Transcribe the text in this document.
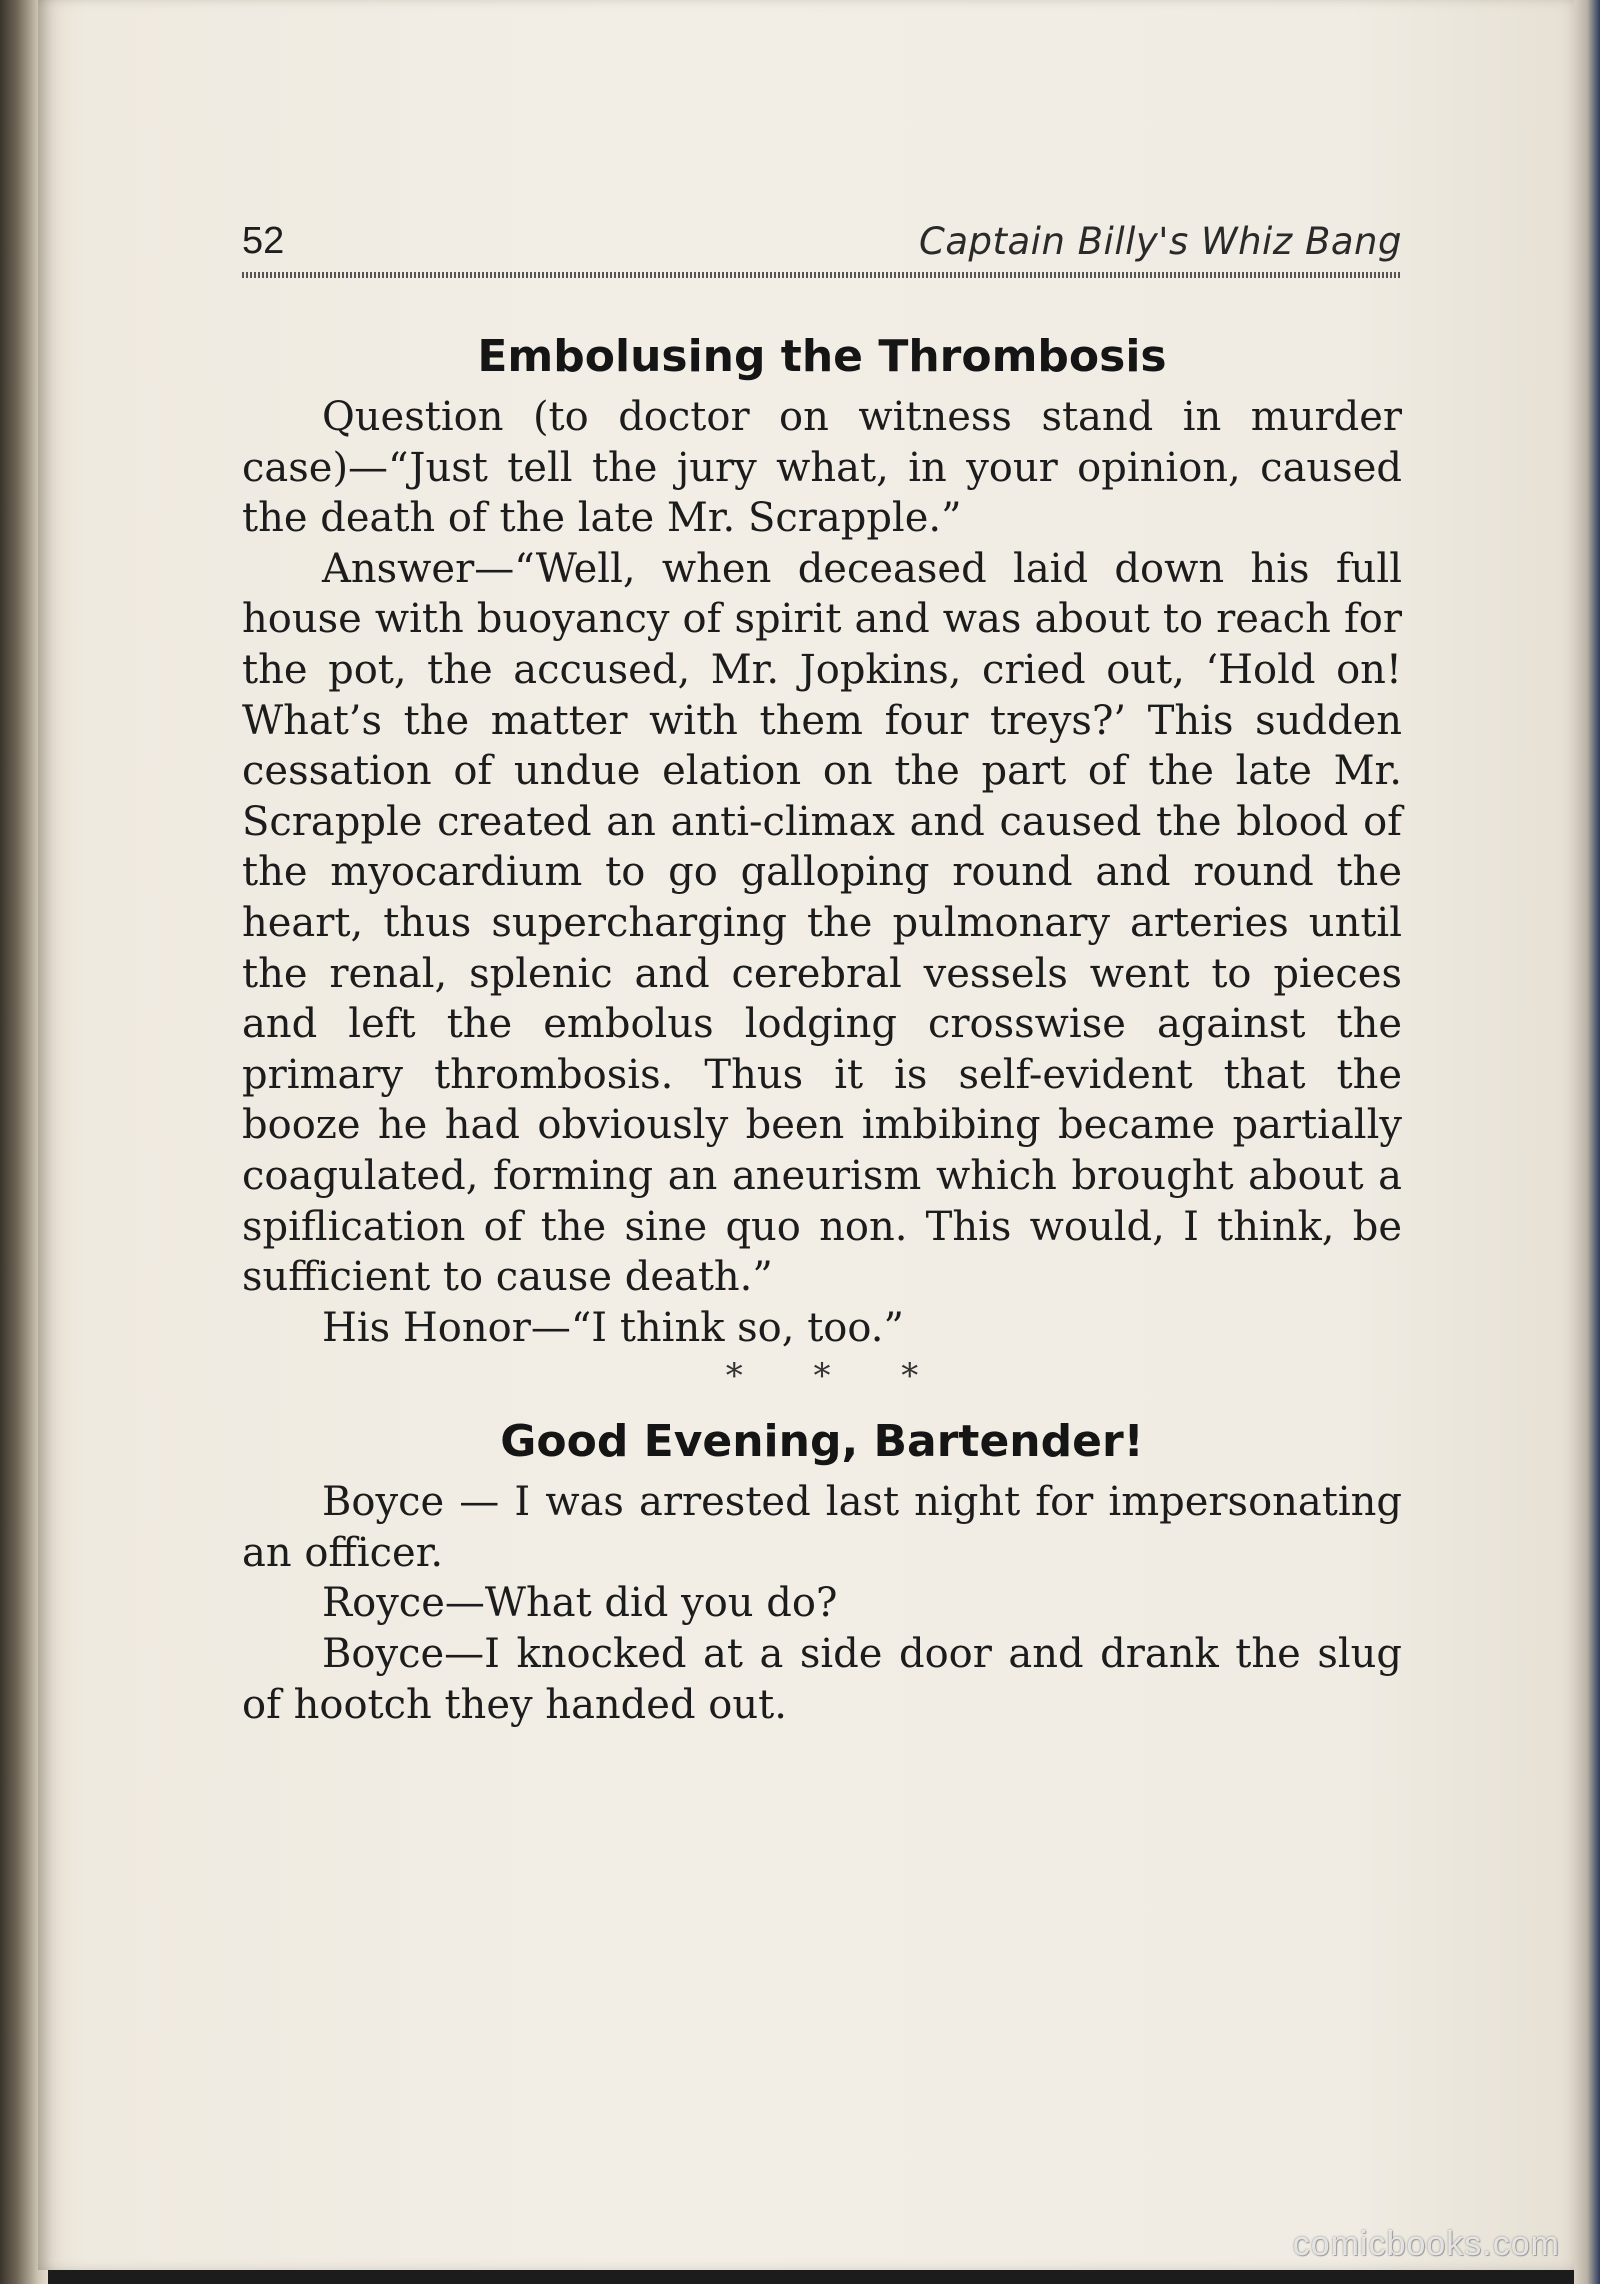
52	Captain Billy's Whiz Bang
Embolusing the Thrombosis

Question (to doctor on witness stand in murder case)—“Just tell the jury what, in your opinion, caused the death of the late Mr. Scrapple.”

Answer—“Well, when deceased laid down his full house with buoyancy of spirit and was about to reach for the pot, the accused, Mr. Jopkins, cried out, ‘Hold on! What’s the matter with them four treys?’ This sudden cessation of undue elation on the part of the late Mr. Scrapple created an anti-climax and caused the blood of the myocardium to go galloping round and round the heart, thus supercharging the pulmonary arteries until the renal, splenic and cerebral vessels went to pieces and left the embolus lodging crosswise against the primary thrombosis. Thus it is self-evident that the booze he had obviously been imbibing became partially coagulated, forming an aneurism which brought about a spiflication of the sine quo non. This would, I think, be sufficient to cause death.”

His Honor—“I think so, too.”

* * *

Good Evening, Bartender!

Boyce — I was arrested last night for impersonating an officer.

Royce—What did you do?

Boyce—I knocked at a side door and drank the slug of hootch they handed out.

comicbooks.com
